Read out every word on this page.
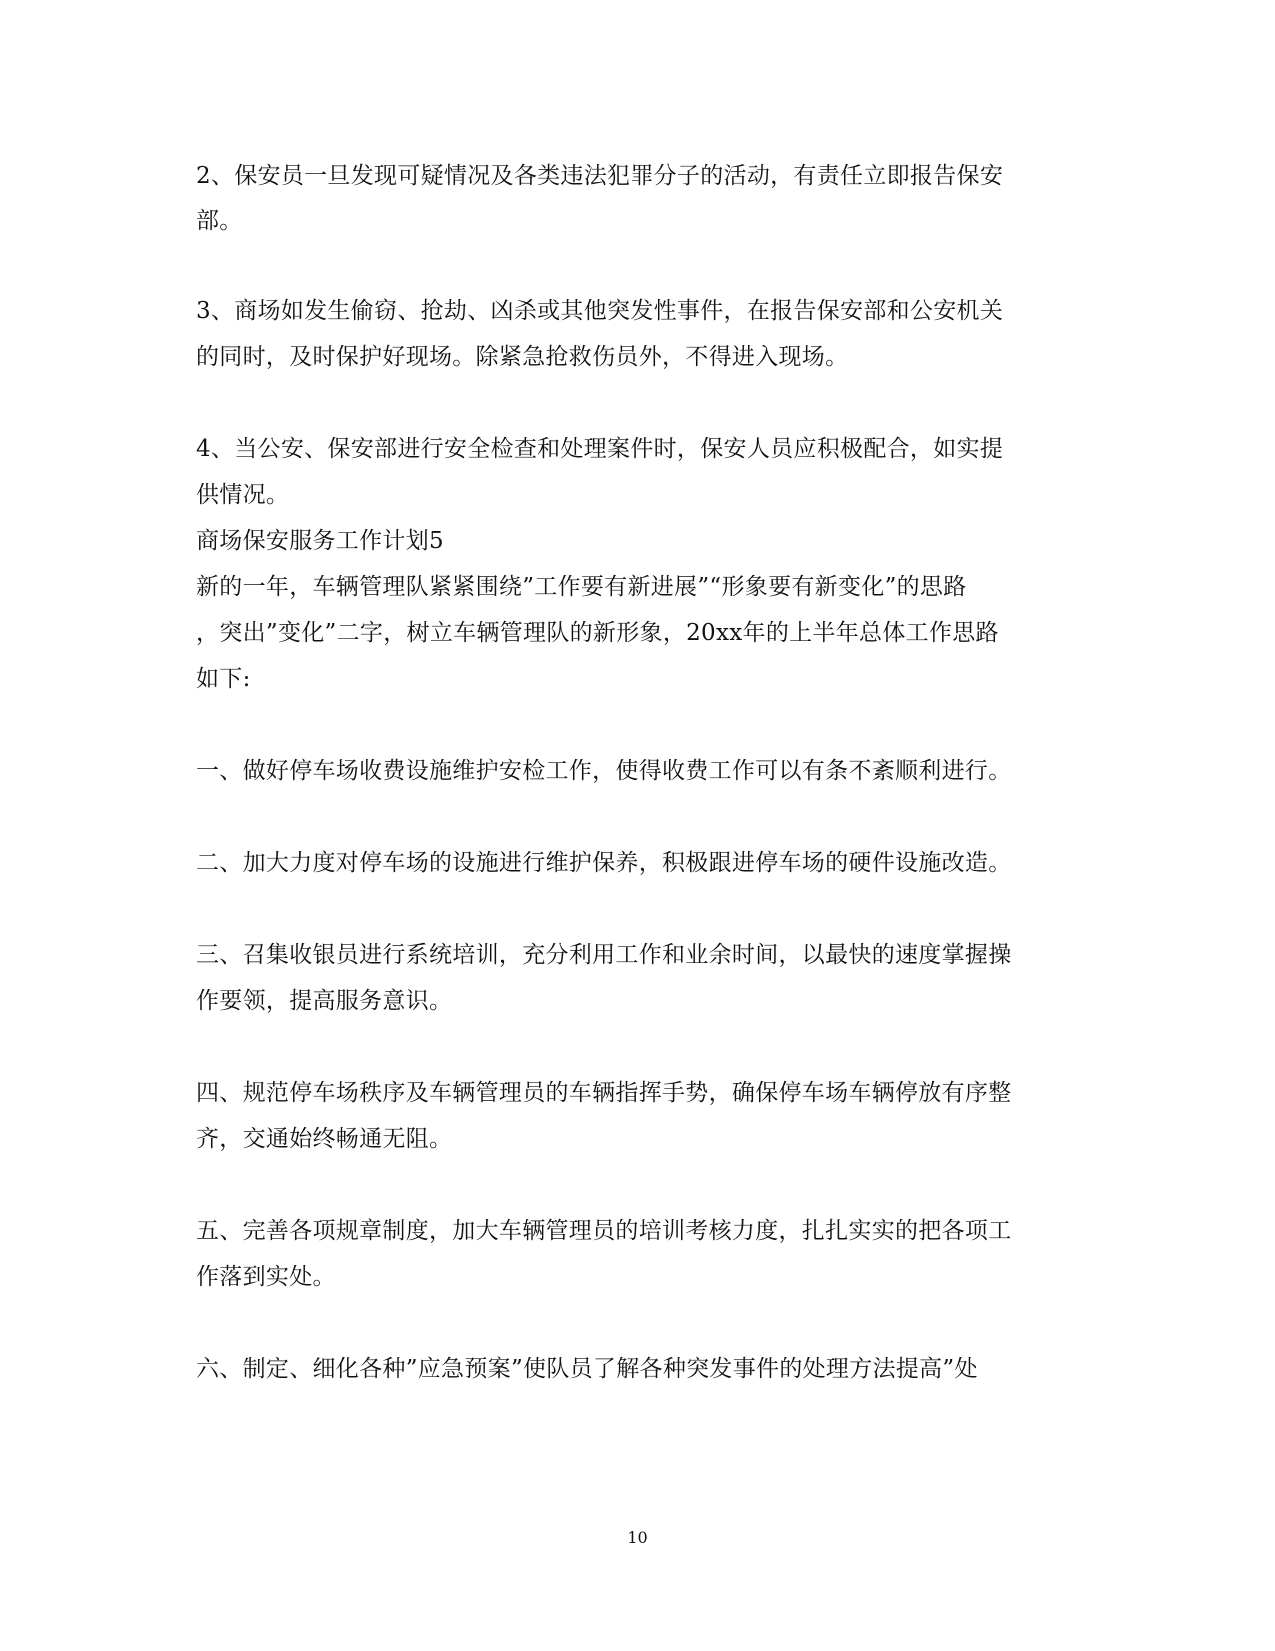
2、保安员一旦发现可疑情况及各类违法犯罪分子的活动，有责任立即报告保安
部。
3、商场如发生偷窃、抢劫、凶杀或其他突发性事件，在报告保安部和公安机关
的同时，及时保护好现场。除紧急抢救伤员外，不得进入现场。
4、当公安、保安部进行安全检查和处理案件时，保安人员应积极配合，如实提
供情况。
商场保安服务工作计划5
新的一年，车辆管理队紧紧围绕”工作要有新进展”“形象要有新变化”的思路
，突出”变化”二字，树立车辆管理队的新形象，20xx年的上半年总体工作思路
如下:
一、做好停车场收费设施维护安检工作，使得收费工作可以有条不紊顺利进行。
二、加大力度对停车场的设施进行维护保养，积极跟进停车场的硬件设施改造。
三、召集收银员进行系统培训，充分利用工作和业余时间，以最快的速度掌握操
作要领，提高服务意识。
四、规范停车场秩序及车辆管理员的车辆指挥手势，确保停车场车辆停放有序整
齐，交通始终畅通无阻。
五、完善各项规章制度，加大车辆管理员的培训考核力度，扎扎实实的把各项工
作落到实处。
六、制定、细化各种”应急预案”使队员了解各种突发事件的处理方法提高”处
10
